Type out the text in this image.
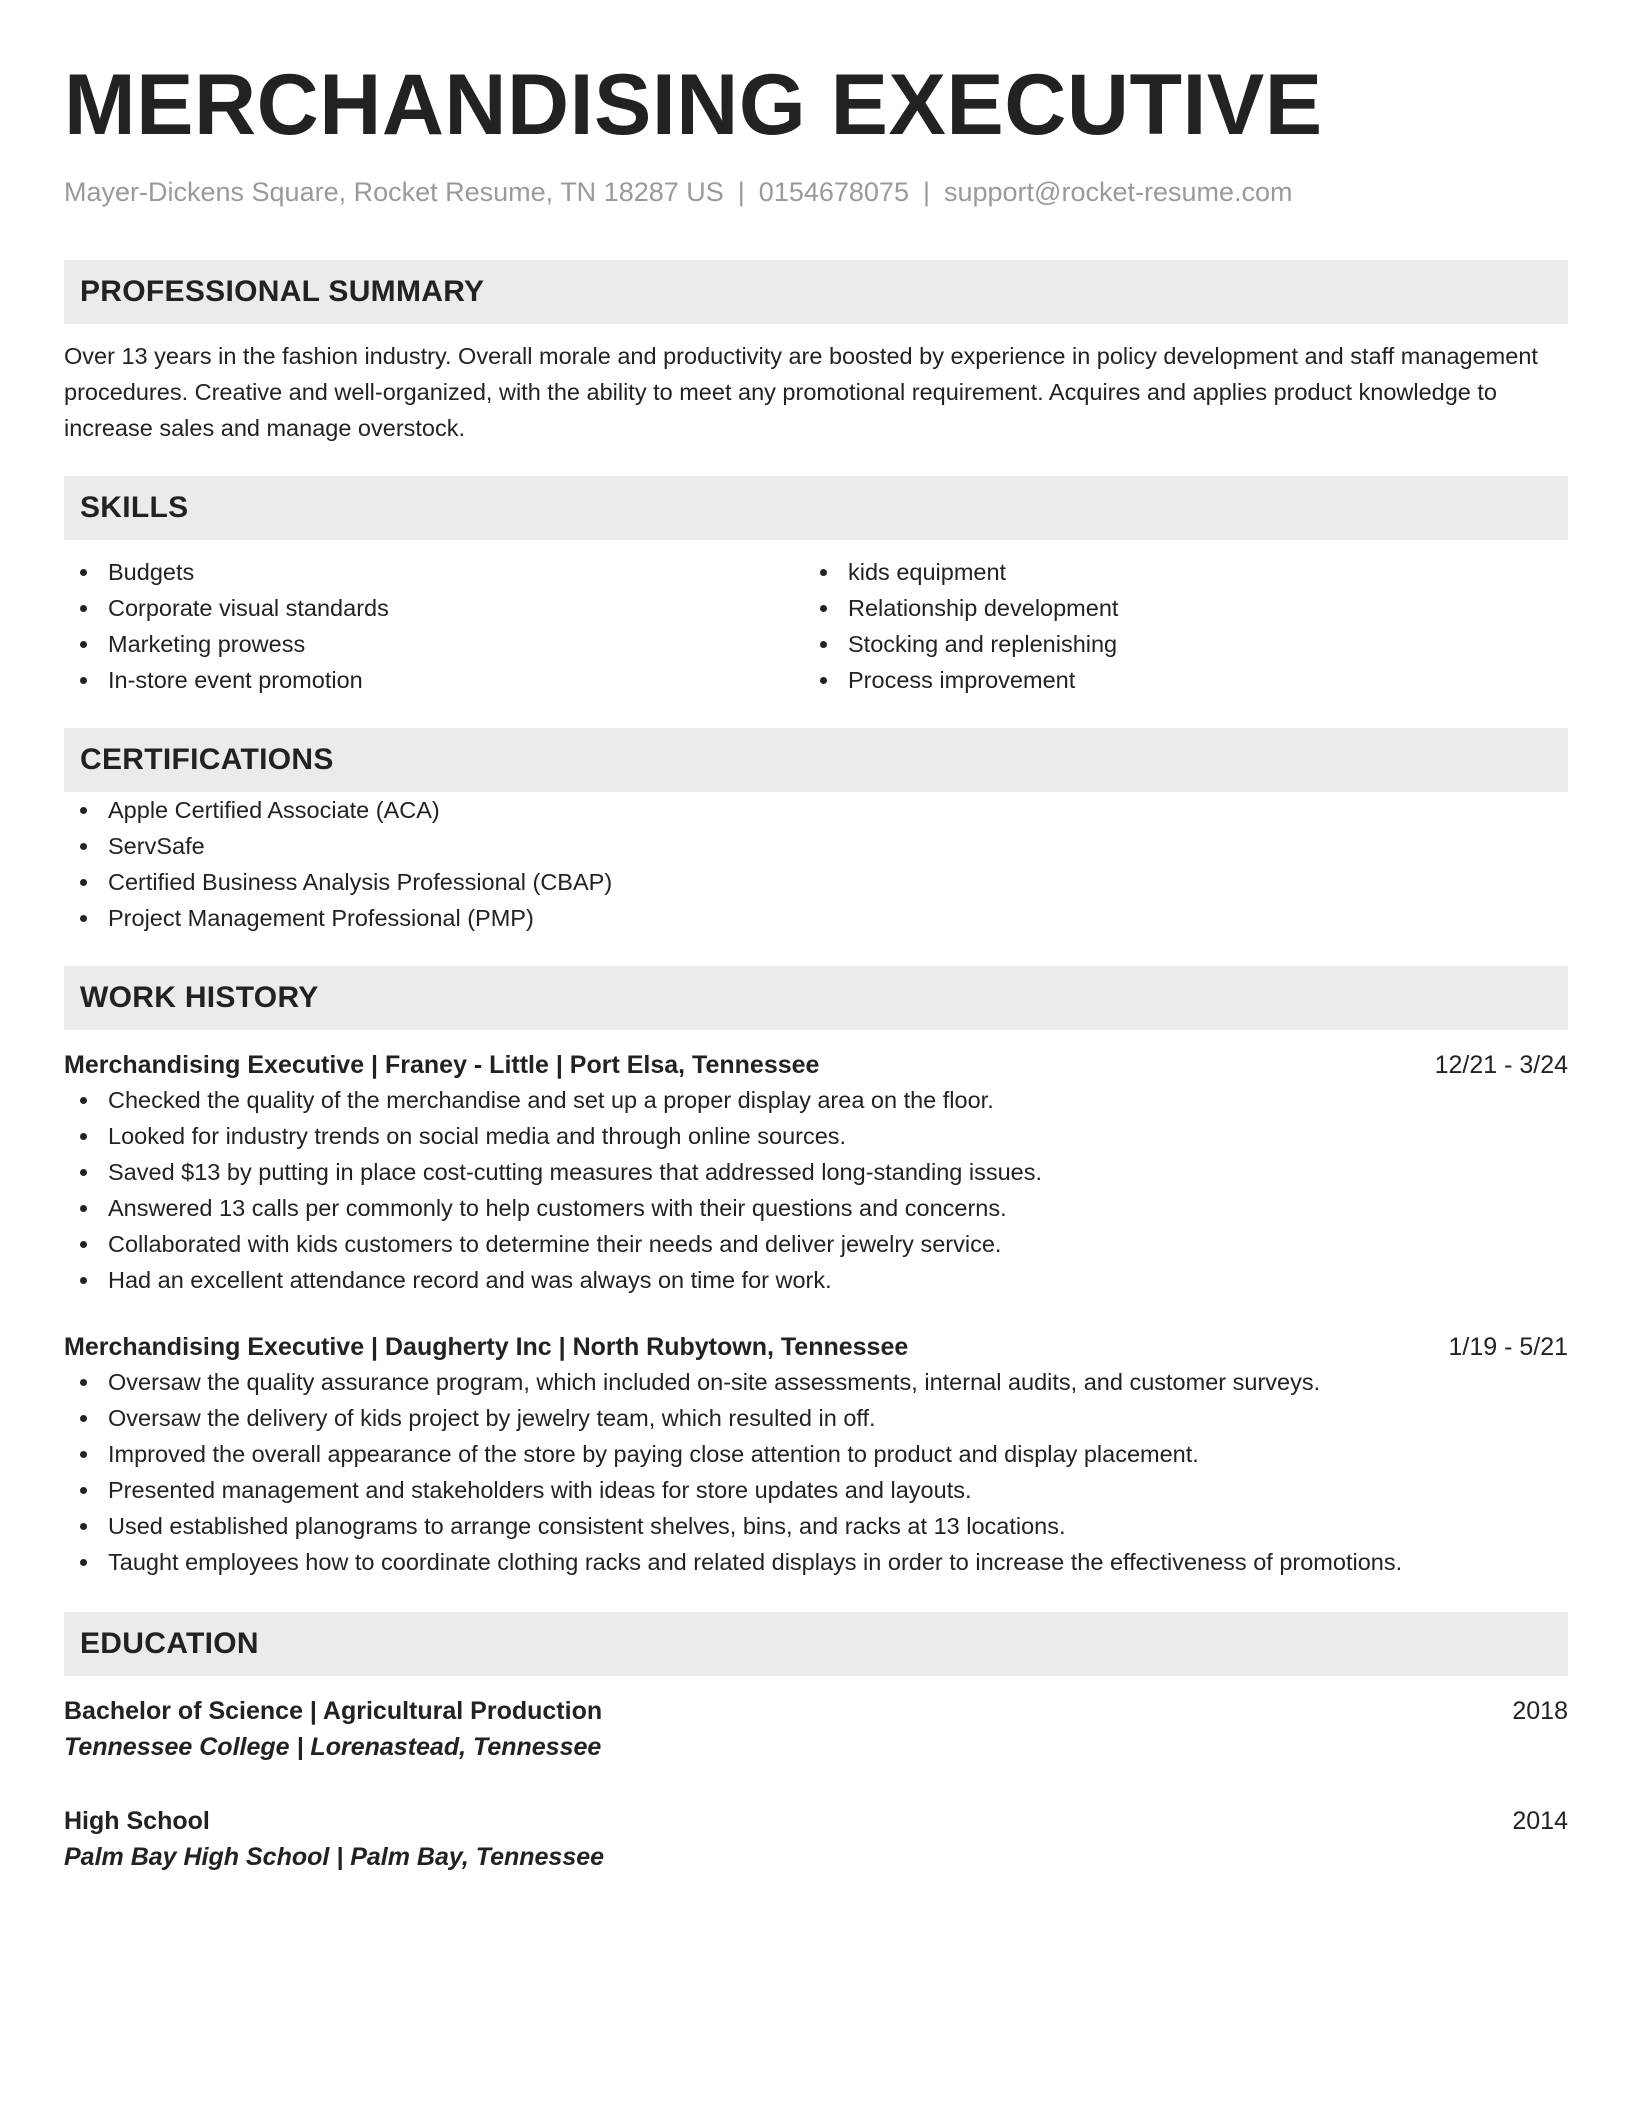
MERCHANDISING EXECUTIVE
Mayer-Dickens Square, Rocket Resume, TN 18287 US | 0154678075 | support@rocket-resume.com
PROFESSIONAL SUMMARY
Over 13 years in the fashion industry. Overall morale and productivity are boosted by experience in policy development and staff management procedures. Creative and well-organized, with the ability to meet any promotional requirement. Acquires and applies product knowledge to increase sales and manage overstock.
SKILLS
Budgets
Corporate visual standards
Marketing prowess
In-store event promotion
kids equipment
Relationship development
Stocking and replenishing
Process improvement
CERTIFICATIONS
Apple Certified Associate (ACA)
ServSafe
Certified Business Analysis Professional (CBAP)
Project Management Professional (PMP)
WORK HISTORY
Merchandising Executive | Franey - Little | Port Elsa, Tennessee	12/21 - 3/24
Checked the quality of the merchandise and set up a proper display area on the floor.
Looked for industry trends on social media and through online sources.
Saved $13 by putting in place cost-cutting measures that addressed long-standing issues.
Answered 13 calls per commonly to help customers with their questions and concerns.
Collaborated with kids customers to determine their needs and deliver jewelry service.
Had an excellent attendance record and was always on time for work.
Merchandising Executive | Daugherty Inc | North Rubytown, Tennessee	1/19 - 5/21
Oversaw the quality assurance program, which included on-site assessments, internal audits, and customer surveys.
Oversaw the delivery of kids project by jewelry team, which resulted in off.
Improved the overall appearance of the store by paying close attention to product and display placement.
Presented management and stakeholders with ideas for store updates and layouts.
Used established planograms to arrange consistent shelves, bins, and racks at 13 locations.
Taught employees how to coordinate clothing racks and related displays in order to increase the effectiveness of promotions.
EDUCATION
Bachelor of Science | Agricultural Production	2018
Tennessee College | Lorenastead, Tennessee
High School	2014
Palm Bay High School | Palm Bay, Tennessee
